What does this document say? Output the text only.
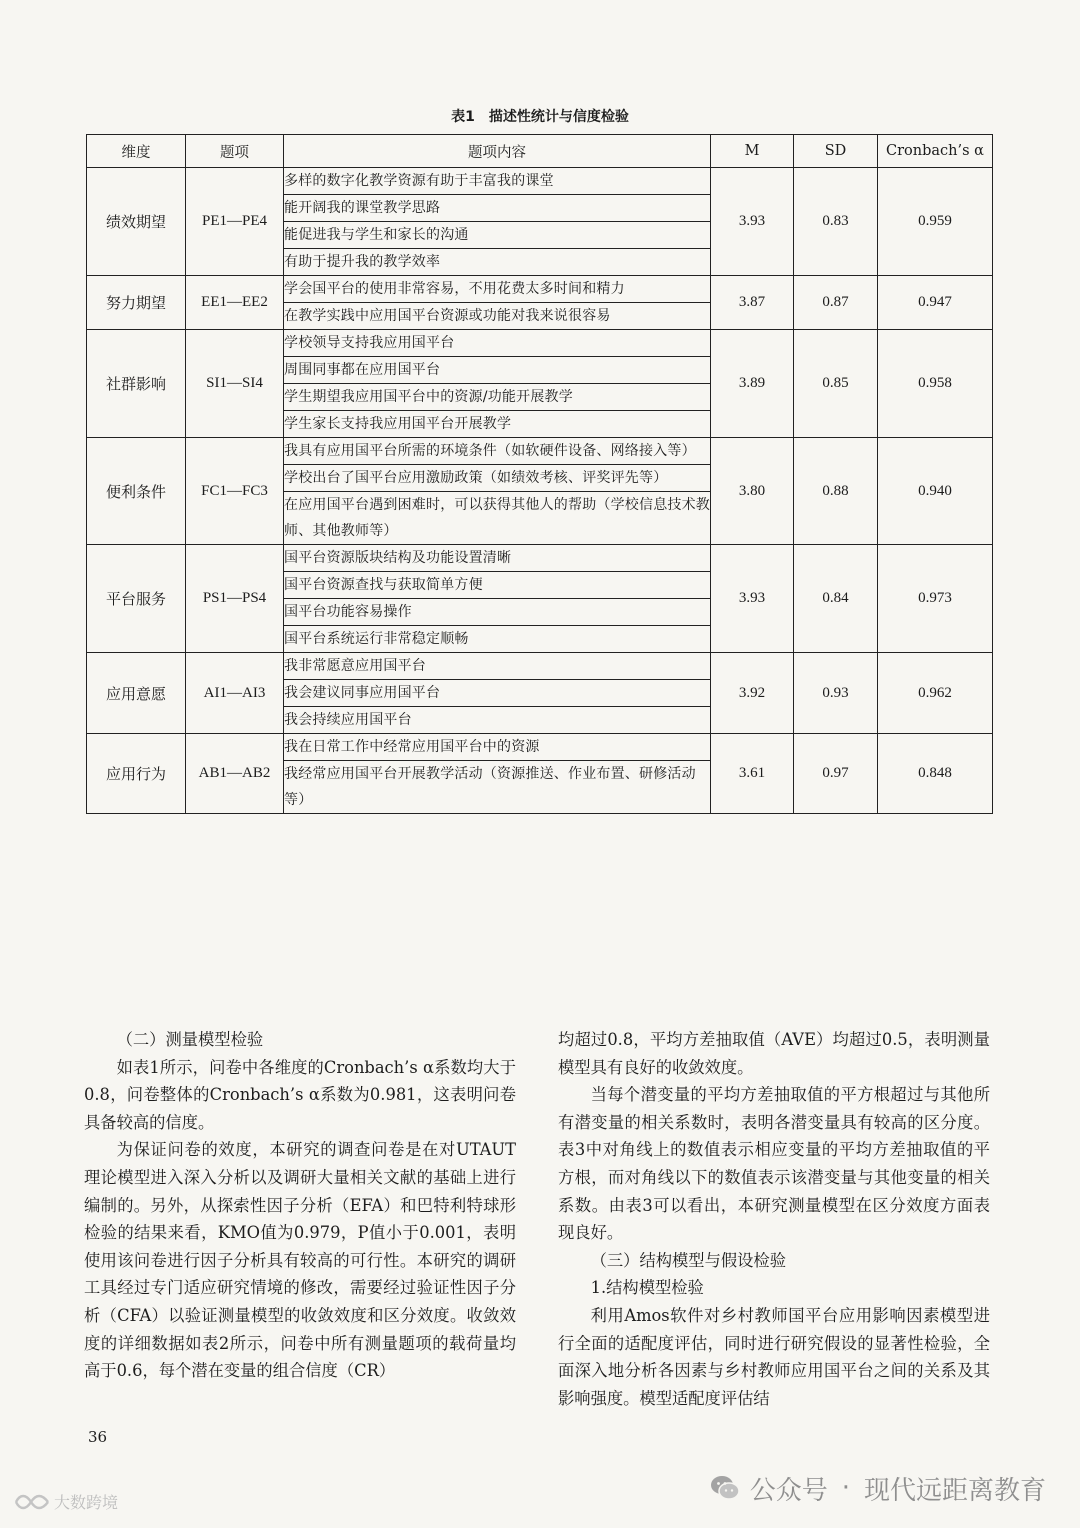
表1　描述性统计与信度检验
维度	题项	题项内容	M	SD	Cronbach’s α
绩效期望	PE1—PE4	多样的数字化教学资源有助于丰富我的课堂	3.93	0.83	0.959
		能开阔我的课堂教学思路			
		能促进我与学生和家长的沟通			
		有助于提升我的教学效率			
努力期望	EE1—EE2	学会国平台的使用非常容易，不用花费太多时间和精力	3.87	0.87	0.947
		在教学实践中应用国平台资源或功能对我来说很容易			
社群影响	SI1—SI4	学校领导支持我应用国平台	3.89	0.85	0.958
		周围同事都在应用国平台			
		学生期望我应用国平台中的资源/功能开展教学			
		学生家长支持我应用国平台开展教学			
便利条件	FC1—FC3	我具有应用国平台所需的环境条件（如软硬件设备、网络接入等）	3.80	0.88	0.940
		学校出台了国平台应用激励政策（如绩效考核、评奖评先等）			
		在应用国平台遇到困难时，可以获得其他人的帮助（学校信息技术教师、其他教师等）			
平台服务	PS1—PS4	国平台资源版块结构及功能设置清晰	3.93	0.84	0.973
		国平台资源查找与获取简单方便			
		国平台功能容易操作			
		国平台系统运行非常稳定顺畅			
应用意愿	AI1—AI3	我非常愿意应用国平台	3.92	0.93	0.962
		我会建议同事应用国平台			
		我会持续应用国平台			
应用行为	AB1—AB2	我在日常工作中经常应用国平台中的资源	3.61	0.97	0.848
		我经常应用国平台开展教学活动（资源推送、作业布置、研修活动等）			

（二）测量模型检验

如表1所示，问卷中各维度的Cronbach’s α系数均大于0.8，问卷整体的Cronbach’s α系数为0.981，这表明问卷具备较高的信度。

为保证问卷的效度，本研究的调查问卷是在对UTAUT理论模型进入深入分析以及调研大量相关文献的基础上进行编制的。另外，从探索性因子分析（EFA）和巴特利特球形检验的结果来看，KMO值为0.979，P值小于0.001，表明使用该问卷进行因子分析具有较高的可行性。本研究的调研工具经过专门适应研究情境的修改，需要经过验证性因子分析（CFA）以验证测量模型的收敛效度和区分效度。收敛效度的详细数据如表2所示，问卷中所有测量题项的载荷量均高于0.6，每个潜在变量的组合信度（CR）

均超过0.8，平均方差抽取值（AVE）均超过0.5，表明测量模型具有良好的收敛效度。

当每个潜变量的平均方差抽取值的平方根超过与其他所有潜变量的相关系数时，表明各潜变量具有较高的区分度。表3中对角线上的数值表示相应变量的平均方差抽取值的平方根，而对角线以下的数值表示该潜变量与其他变量的相关系数。由表3可以看出，本研究测量模型在区分效度方面表现良好。

（三）结构模型与假设检验

1.结构模型检验

利用Amos软件对乡村教师国平台应用影响因素模型进行全面的适配度评估，同时进行研究假设的显著性检验，全面深入地分析各因素与乡村教师应用国平台之间的关系及其影响强度。模型适配度评估结

36
公众号 · 现代远距离教育
大数跨境
